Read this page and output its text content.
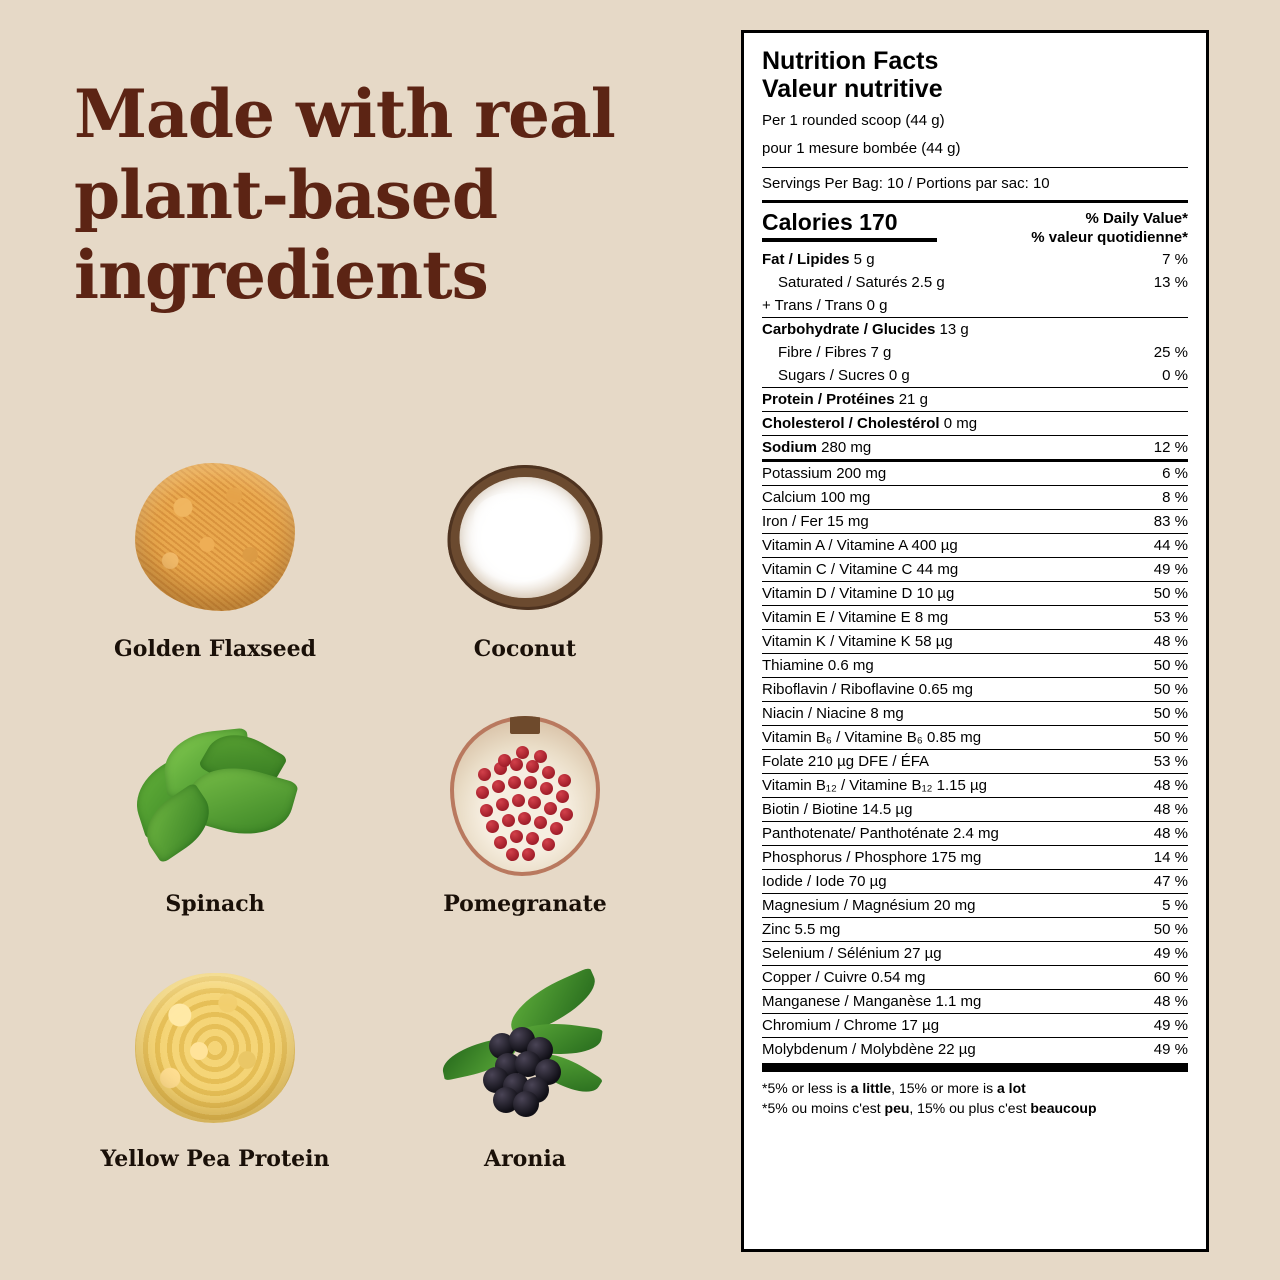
Made with real
plant-based
ingredients
Golden Flaxseed	Coconut
Spinach	Pomegranate
Yellow Pea Protein	Aronia
Nutrition Facts
Valeur nutritive
Per 1 rounded scoop (44 g)
pour 1 mesure bombée (44 g)
Servings Per Bag: 10 / Portions par sac: 10
Calories 170	% Daily Value*
% valeur quotidienne*
Fat / Lipides 5 g	7 %
Saturated / Saturés 2.5 g	13 %
+ Trans / Trans 0 g	
Carbohydrate / Glucides 13 g	
Fibre / Fibres 7 g	25 %
Sugars / Sucres 0 g	0 %
Protein / Protéines 21 g	
Cholesterol / Cholestérol 0 mg	
Sodium 280 mg	12 %
Potassium 200 mg	6 %
Calcium 100 mg	8 %
Iron / Fer 15 mg	83 %
Vitamin A / Vitamine A 400 µg	44 %
Vitamin C / Vitamine C 44 mg	49 %
Vitamin D / Vitamine D 10 µg	50 %
Vitamin E / Vitamine E 8 mg	53 %
Vitamin K / Vitamine K 58 µg	48 %
Thiamine 0.6 mg	50 %
Riboflavin / Riboflavine 0.65 mg	50 %
Niacin / Niacine 8 mg	50 %
Vitamin B₆ / Vitamine B₆ 0.85 mg	50 %
Folate 210 µg DFE / ÉFA	53 %
Vitamin B₁₂ / Vitamine B₁₂ 1.15 µg	48 %
Biotin / Biotine 14.5 µg	48 %
Panthotenate/ Panthoténate 2.4 mg	48 %
Phosphorus / Phosphore 175 mg	14 %
Iodide / Iode 70 µg	47 %
Magnesium / Magnésium 20 mg	5 %
Zinc 5.5 mg	50 %
Selenium / Sélénium 27 µg	49 %
Copper / Cuivre 0.54 mg	60 %
Manganese / Manganèse 1.1 mg	48 %
Chromium / Chrome 17 µg	49 %
Molybdenum / Molybdène 22 µg	49 %
*5% or less is a little, 15% or more is a lot
*5% ou moins c'est peu, 15% ou plus c'est beaucoup
